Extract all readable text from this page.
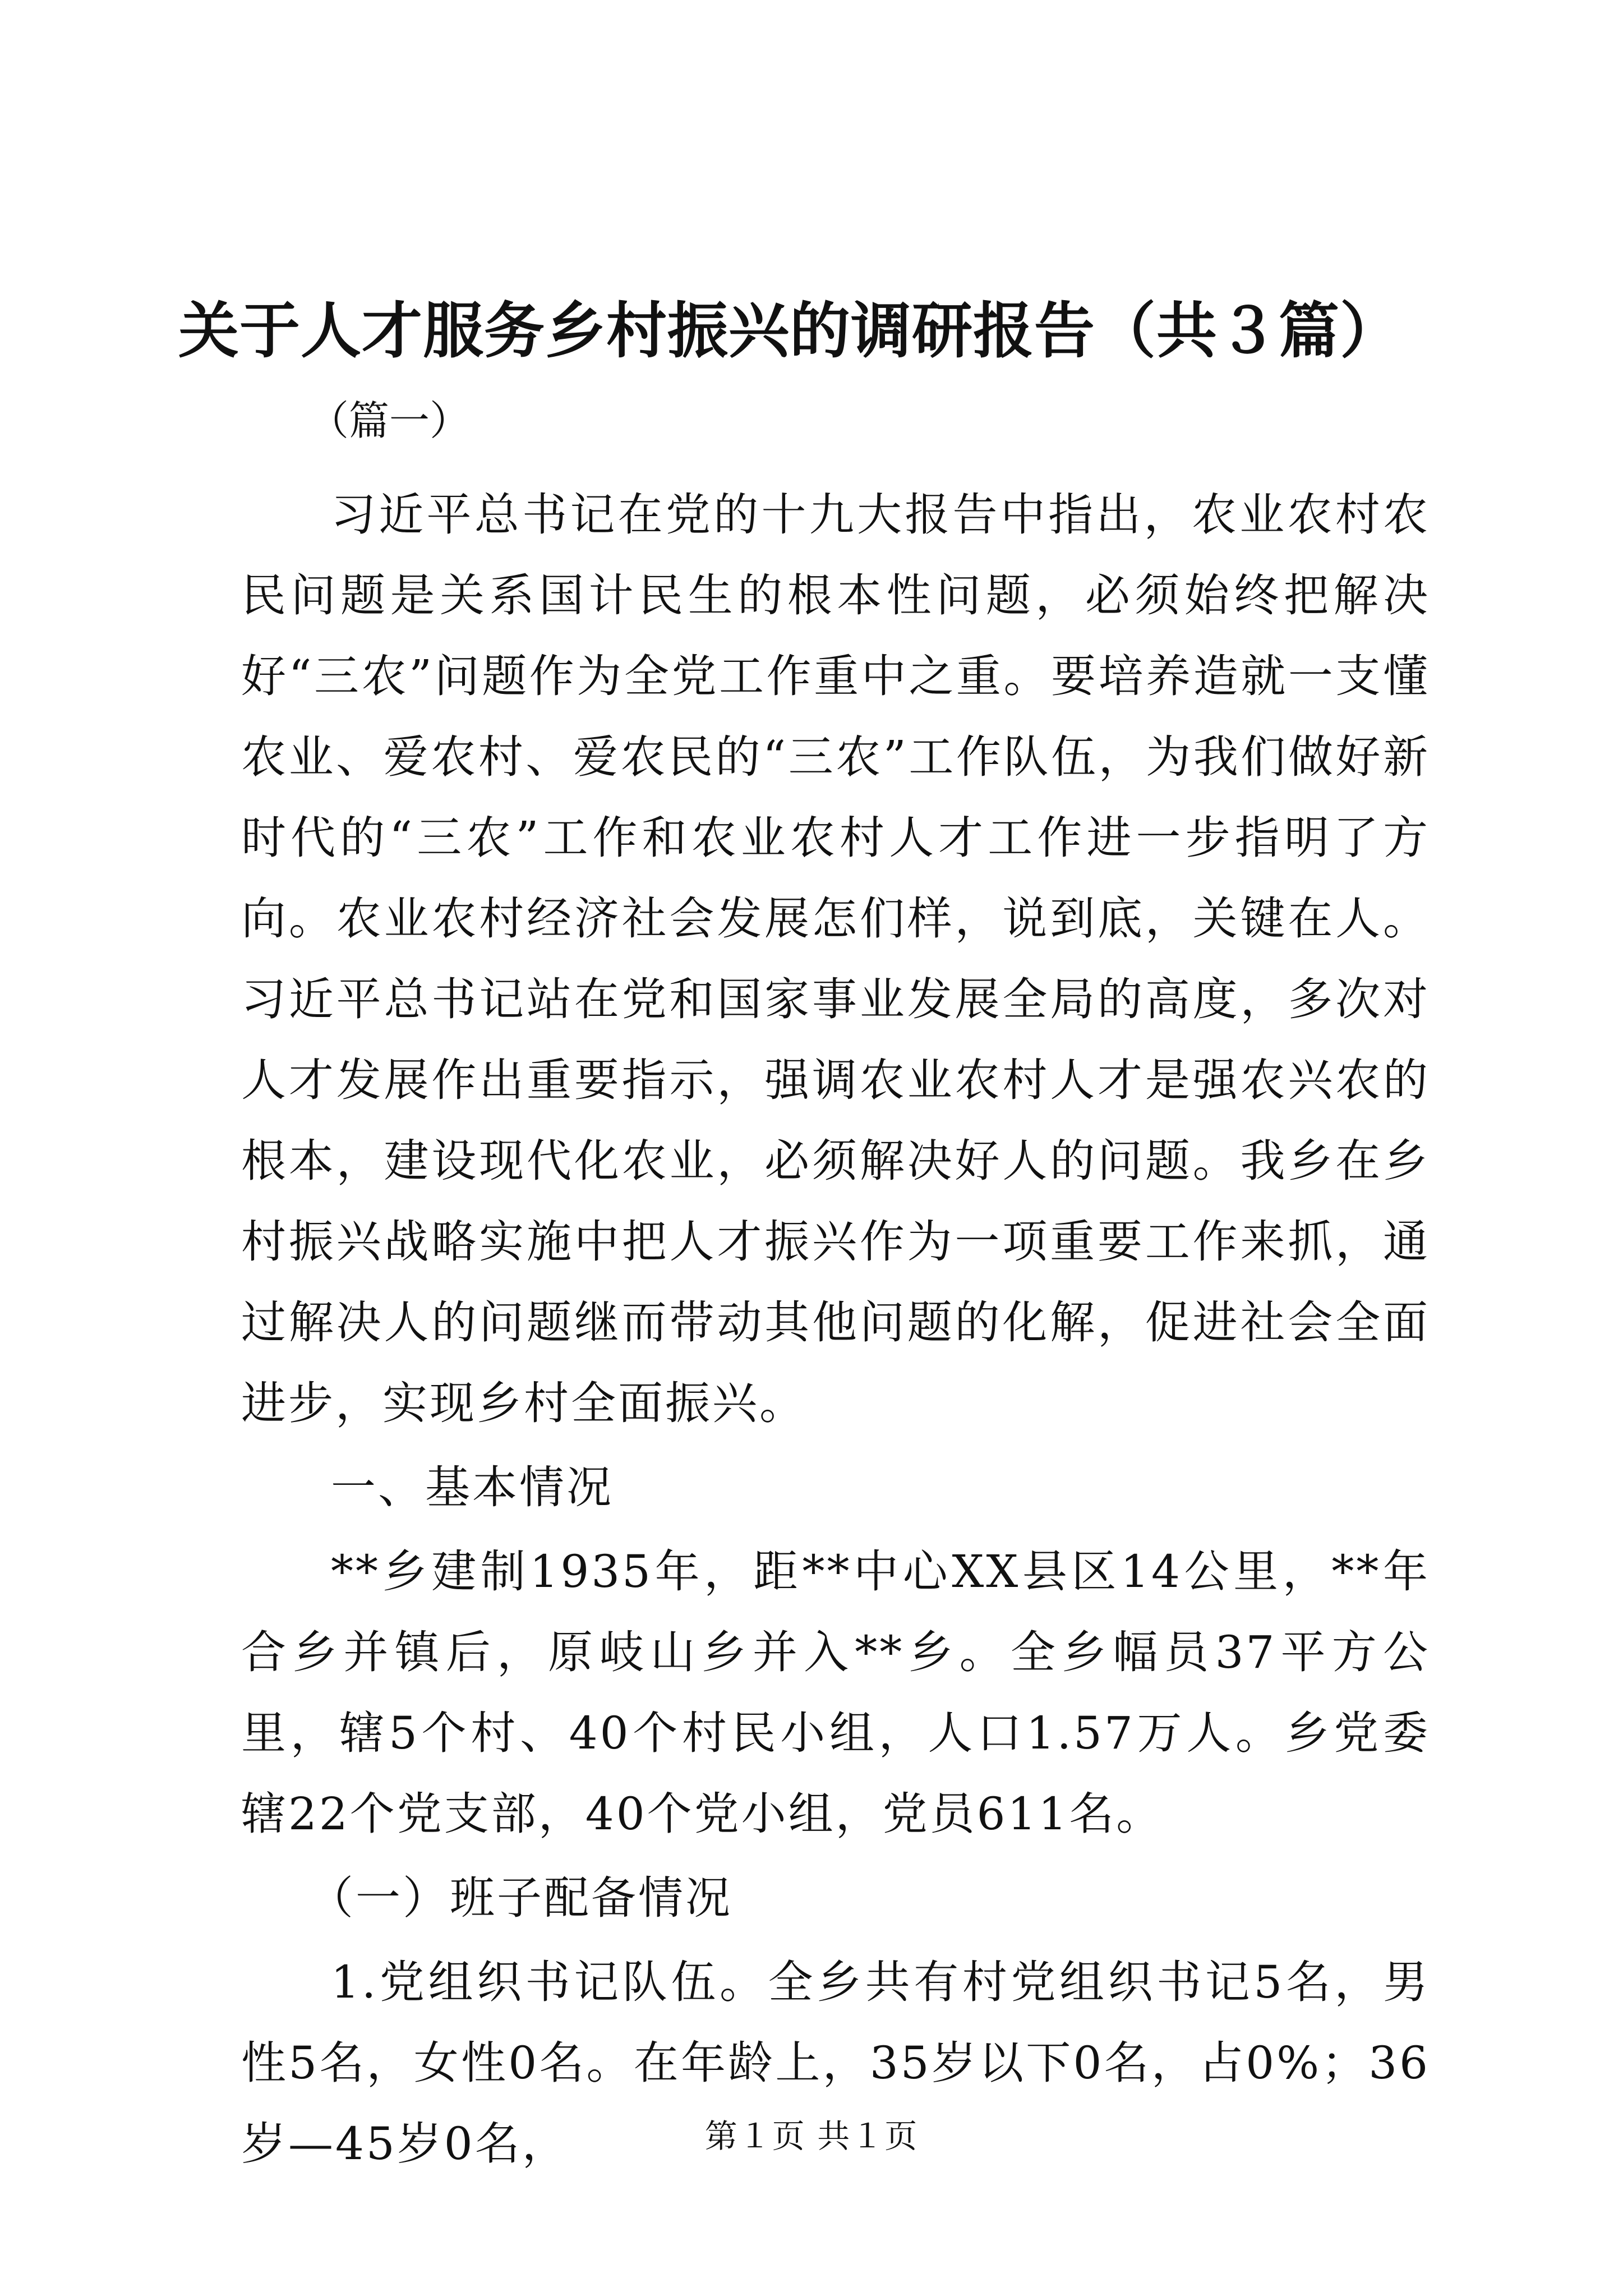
关于人才服务乡村振兴的调研报告（共３篇）

（篇一）

习近平总书记在党的十九大报告中指出，农业农村农民问题是关系国计民生的根本性问题，必须始终把解决好“三农”问题作为全党工作重中之重。要培养造就一支懂农业、爱农村、爱农民的“三农”工作队伍，为我们做好新时代的“三农”工作和农业农村人才工作进一步指明了方向。农业农村经济社会发展怎们样，说到底，关键在人。习近平总书记站在党和国家事业发展全局的高度，多次对人才发展作出重要指示，强调农业农村人才是强农兴农的根本，建设现代化农业，必须解决好人的问题。我乡在乡村振兴战略实施中把人才振兴作为一项重要工作来抓，通过解决人的问题继而带动其他问题的化解，促进社会全面进步，实现乡村全面振兴。

一、基本情况

**乡建制1935年，距**中心XX县区14公里，**年合乡并镇后，原岐山乡并入**乡。全乡幅员37平方公里，辖5个村、40个村民小组，人口1.57万人。乡党委辖22个党支部，40个党小组，党员611名。

（一）班子配备情况

1.党组织书记队伍。全乡共有村党组织书记5名，男性5名，女性0名。在年龄上，35岁以下0名，占0%；36岁—45岁0名，	第１页 共１页
